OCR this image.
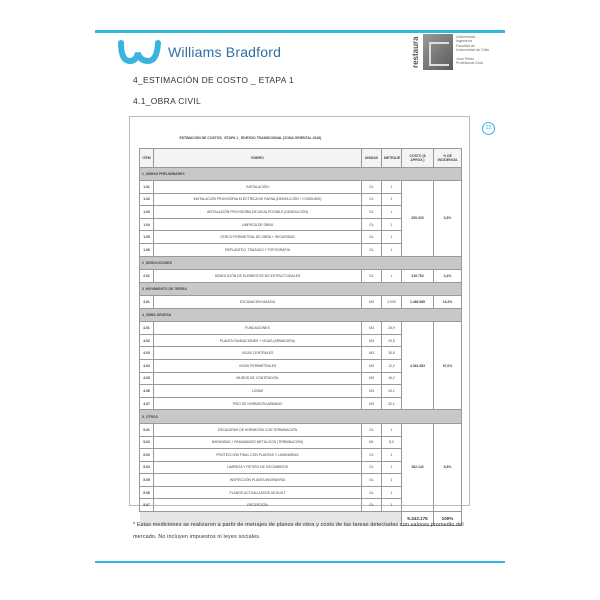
Williams Bradford	restaura	Universidad
Ingeniería
Facultad de
Universidad de Chile

Juan Pérez
Profesional Guía
4_ESTIMACIÓN DE COSTO _ ETAPA 1
4.1_OBRA CIVIL
12
ESTIMACIÓN DE COSTOS_ ETAPA 1_ EDIFICIO TRANSICIONAL (ZONA ORIENTAL 2016)					
ITEM	RUBRO	UNIDAD	METRAJE	COSTO ($ APROX.)	% DE INCIDENCIA
1_OBRAS PRELIMINARES					
1.01	INSTALACIÓN	GL	1	255.329	3,5%
1.02	INSTALACIÓN PROVISORIA ELÉCTRICA DE FAENA (DEMOLICIÓN + CONSUMO)	GL	1		
1.03	INSTALACIÓN PROVISORIA DE AGUA POTABLE (DEMOLICIÓN)	GL	1		
1.04	LIMPIEZA DE OBRA	GL	1		
1.05	CERCO PERIMETRAL DE OBRA + SEGURIDAD	GL	1		
1.06	REPLANTEO, TRAZADO Y TOPOGRAFÍA	GL	1		
2_DEMOLICIONES					
2.01	DEMOLICIÓN DE ELEMENTOS NO ESTRUCTURALES	GL	1	318.754	4,4%
3_MOVIMIENTO DE TIERRA					
3.01	EXCAVACIÓN MASIVA	M3	2.000	1.466.568	16,3%
4_OBRA GRUESA					
4.01	FUNDACIONES	M3	25,9	4.363.383	67,0%
4.02	PLANTA FUNDACIONES + VIGAS (ARMADURA)	M3	20,5		
4.03	VIGAS CENTRALES	M3	30,8		
4.04	VIGAS PERIMETRALES	M3	12,2		
4.05	MUROS DE CONTENCIÓN	M3	16,2		
4.06	LOSAS	M3	43,1		
4.07	PISO DE HORMIGÓN ARMADO	M3	32,1		
5_OTROS					
5.01	ESCALERAS DE HORMIGÓN CON TERMINACIÓN	GL	1	382.142	8,8%
5.02	BARANDAS + PASAMANOS METÁLICOS (TERMINACIÓN)	ML	8,0		
5.03	PROTECCIÓN FINAL CON PLANTAS Y LUMINARIAS	GL	1		
5.04	LIMPIEZA Y RETIRO DE ESCOMBROS	GL	1		
5.05	INSPECCIÓN PLANTA INGENIERÍA	GL	1		
5.06	PLANOS ACTUALIZADOS AS BUILT	GL	1		
5.07	RECEPCIÓN	GL	1		
				9.343.175	100%
* Estas mediciones se realizaron a partir de metrajes de planos de obra y costo de las tareas detectadas con valores promedio del mercado. No incluyen impuestos ni leyes sociales.
